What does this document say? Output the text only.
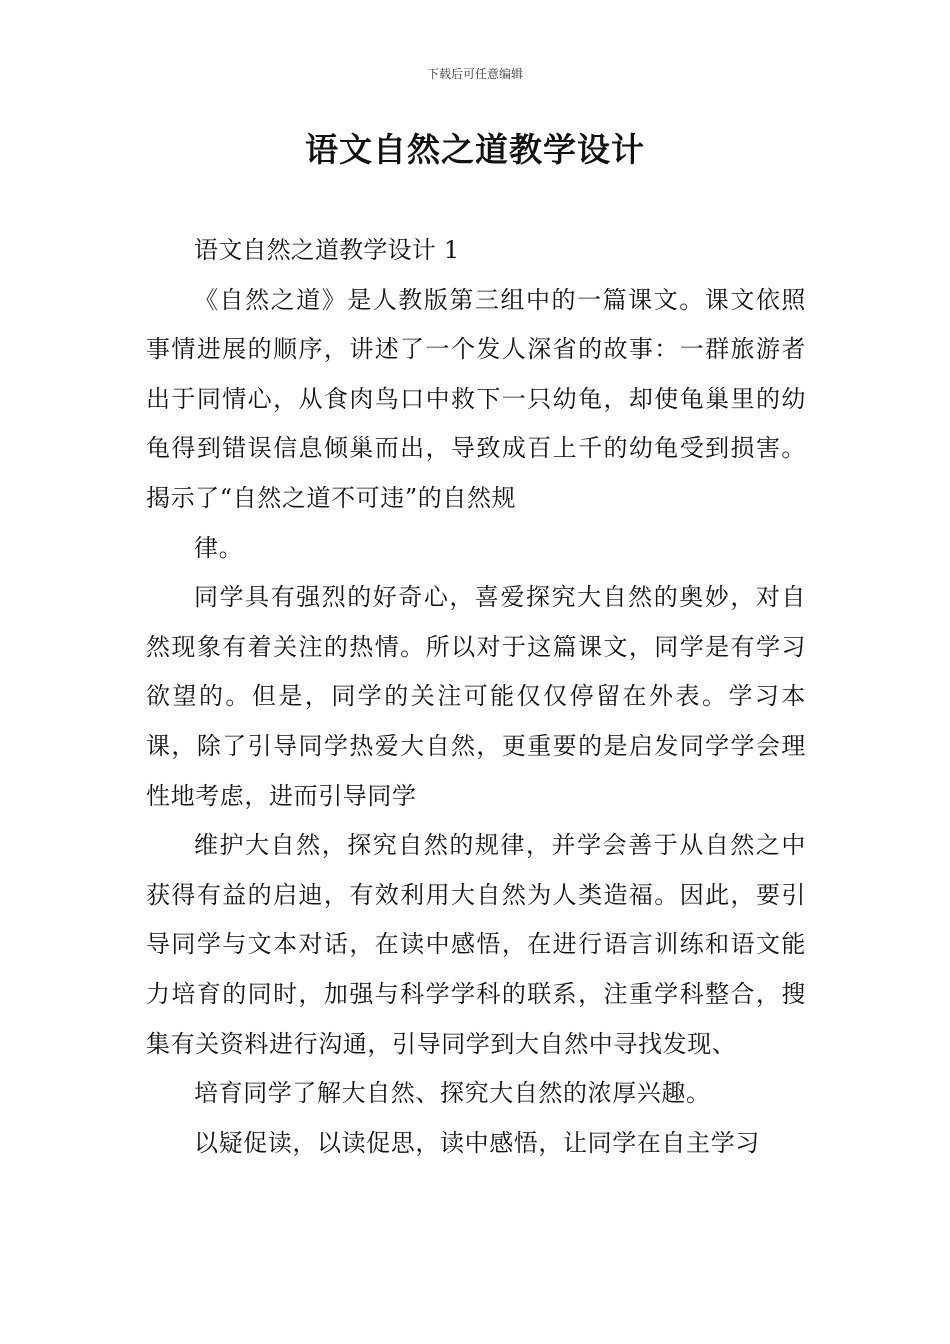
下载后可任意编辑
语文自然之道教学设计

语文自然之道教学设计 1

《自然之道》是人教版第三组中的一篇课文。课文依照事情进展的顺序，讲述了一个发人深省的故事：一群旅游者出于同情心，从食肉鸟口中救下一只幼龟，却使龟巢里的幼龟得到错误信息倾巢而出，导致成百上千的幼龟受到损害。揭示了“自然之道不可违”的自然规

律。

同学具有强烈的好奇心，喜爱探究大自然的奥妙，对自然现象有着关注的热情。所以对于这篇课文，同学是有学习欲望的。但是，同学的关注可能仅仅停留在外表。学习本课，除了引导同学热爱大自然，更重要的是启发同学学会理性地考虑，进而引导同学

维护大自然，探究自然的规律，并学会善于从自然之中获得有益的启迪，有效利用大自然为人类造福。因此，要引导同学与文本对话，在读中感悟，在进行语言训练和语文能力培育的同时，加强与科学学科的联系，注重学科整合，搜集有关资料进行沟通，引导同学到大自然中寻找发现、

培育同学了解大自然、探究大自然的浓厚兴趣。

以疑促读，以读促思，读中感悟，让同学在自主学习
